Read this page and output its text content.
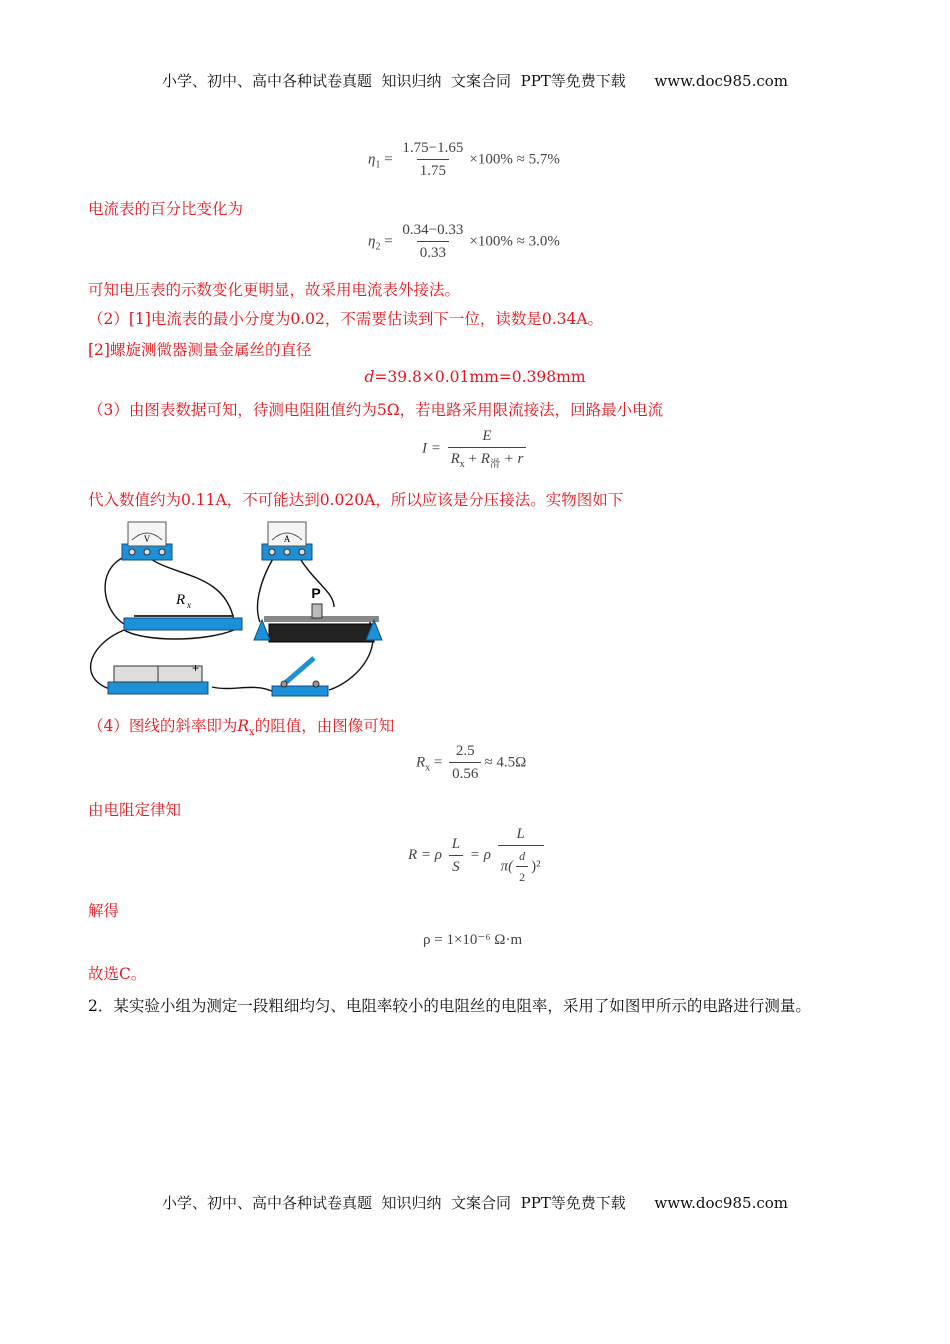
小学、初中、高中各种试卷真题  知识归纳  文案合同  PPT等免费下载      www.doc985.com
$\eta_1 = \frac{1.75-1.65}{1.75} \times 100\% \approx 5.7\%$
电流表的百分比变化为
$\eta_2 = \frac{0.34-0.33}{0.33} \times 100\% \approx 3.0\%$
可知电压表的示数变化更明显，故采用电流表外接法。
（2）[1]电流表的最小分度为0.02，不需要估读到下一位，读数是0.34A。
[2]螺旋测微器测量金属丝的直径
d=39.8×0.01mm=0.398mm
（3）由图表数据可知，待测电阻阻值约为5Ω，若电路采用限流接法，回路最小电流
$I = \frac{E}{R_x + R_滑 + r}$
代入数值约为0.11A，不可能达到0.020A，所以应该是分压接法。实物图如下
V	A
R x
P
+
（4）图线的斜率即为$R_x$的阻值，由图像可知
$R_x = \frac{2.5}{0.56} \approx 4.5\Omega$
由电阻定律知
R = ρ $\frac{L}{S} = \rho \frac{L}{\pi( \frac{d}{2} )^2}$
解得
ρ = 1×10⁻⁶ Ω·m
故选C。
2．某实验小组为测定一段粗细均匀、电阻率较小的电阻丝的电阻率，采用了如图甲所示的电路进行测量。
小学、初中、高中各种试卷真题  知识归纳  文案合同  PPT等免费下载      www.doc985.com
